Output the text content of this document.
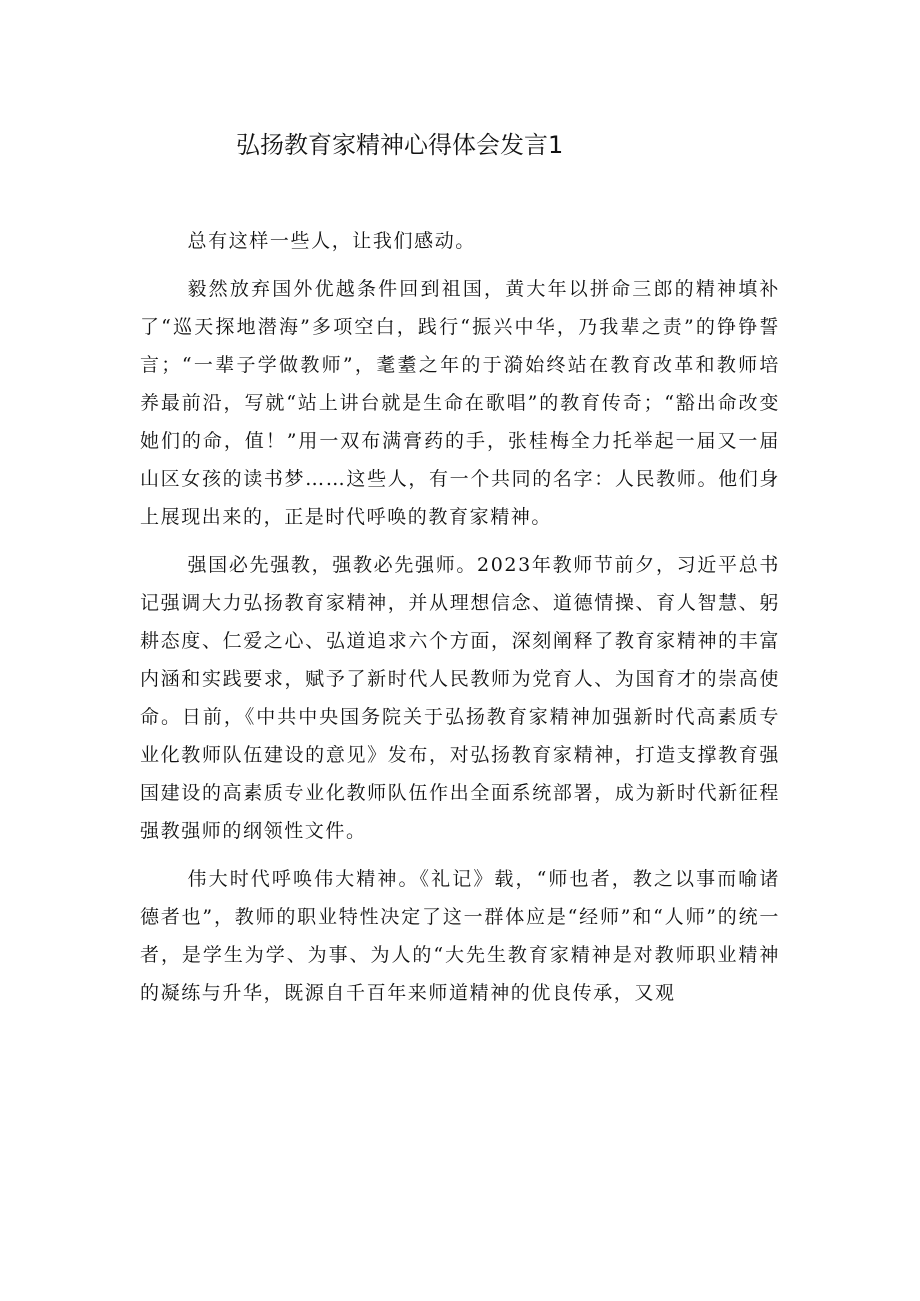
弘扬教育家精神心得体会发言1

总有这样一些人，让我们感动。

毅然放弃国外优越条件回到祖国，黄大年以拼命三郎的精神填补了“巡天探地潜海”多项空白，践行“振兴中华，乃我辈之责”的铮铮誓言；“一辈子学做教师”，耄耋之年的于漪始终站在教育改革和教师培养最前沿，写就“站上讲台就是生命在歌唱”的教育传奇；“豁出命改变她们的命，值！”用一双布满膏药的手，张桂梅全力托举起一届又一届山区女孩的读书梦……这些人，有一个共同的名字：人民教师。他们身上展现出来的，正是时代呼唤的教育家精神。

强国必先强教，强教必先强师。2023年教师节前夕，习近平总书记强调大力弘扬教育家精神，并从理想信念、道德情操、育人智慧、躬耕态度、仁爱之心、弘道追求六个方面，深刻阐释了教育家精神的丰富内涵和实践要求，赋予了新时代人民教师为党育人、为国育才的崇高使命。日前，《中共中央国务院关于弘扬教育家精神加强新时代高素质专业化教师队伍建设的意见》发布，对弘扬教育家精神，打造支撑教育强国建设的高素质专业化教师队伍作出全面系统部署，成为新时代新征程强教强师的纲领性文件。

伟大时代呼唤伟大精神。《礼记》载，“师也者，教之以事而喻诸德者也”，教师的职业特性决定了这一群体应是“经师”和“人师”的统一者，是学生为学、为事、为人的“大先生教育家精神是对教师职业精神的凝练与升华，既源自千百年来师道精神的优良传承，又观
